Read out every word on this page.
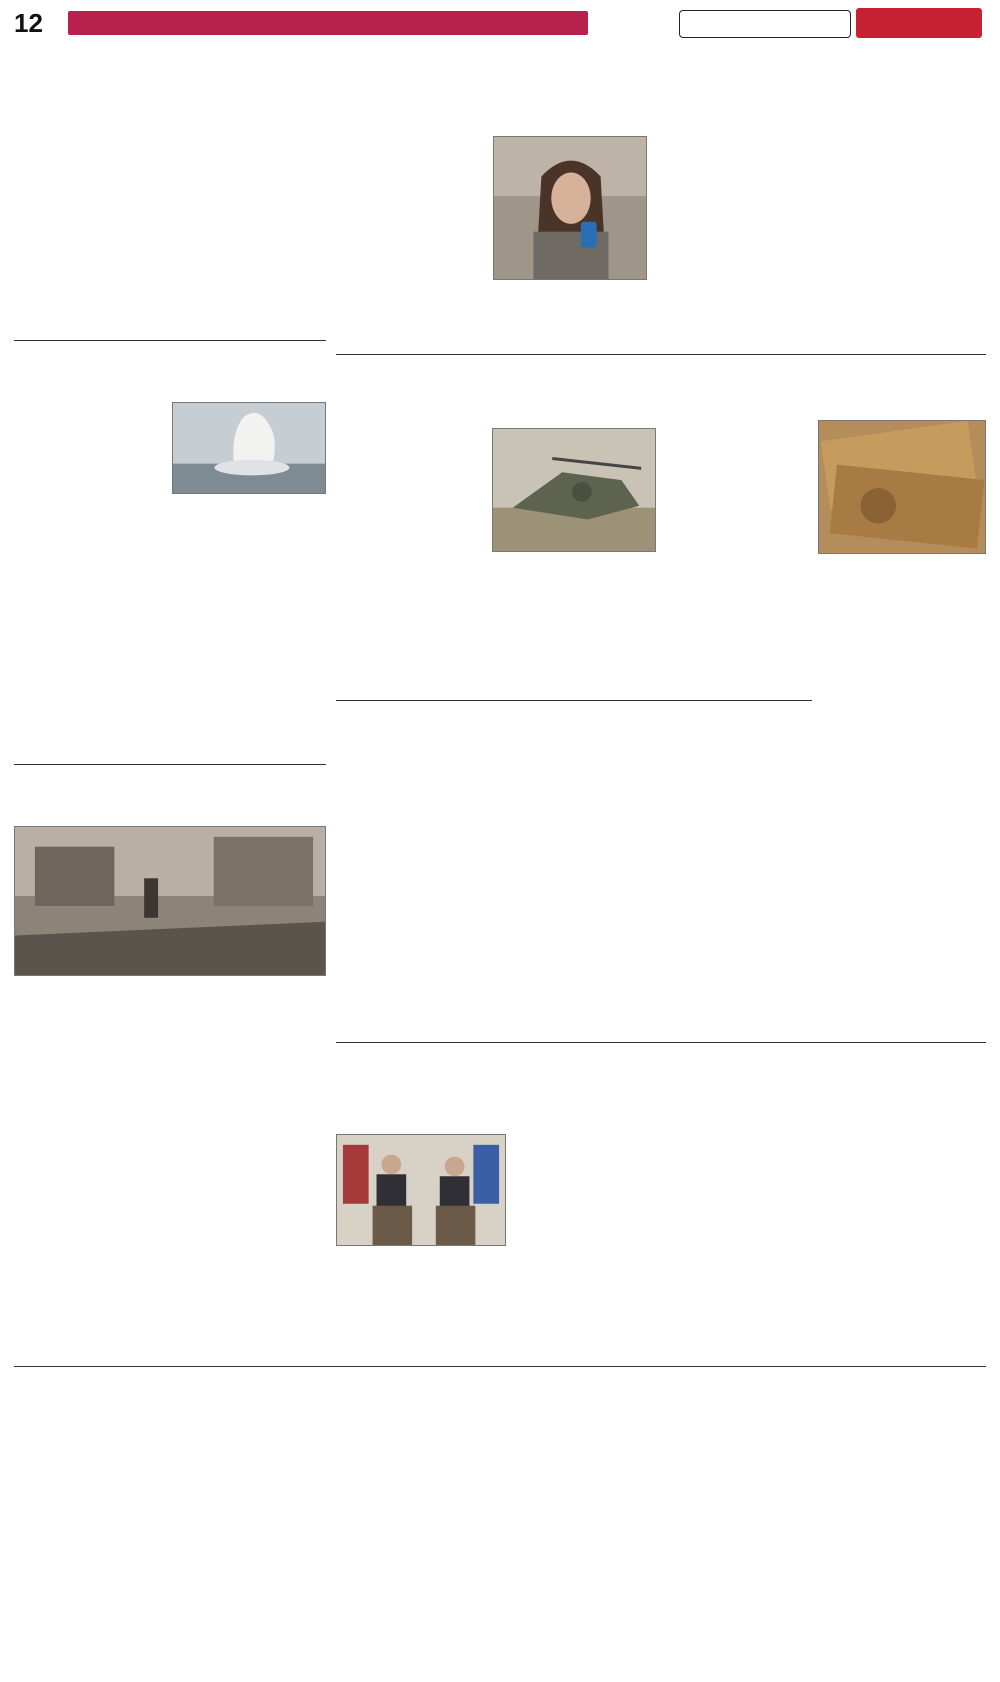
12
